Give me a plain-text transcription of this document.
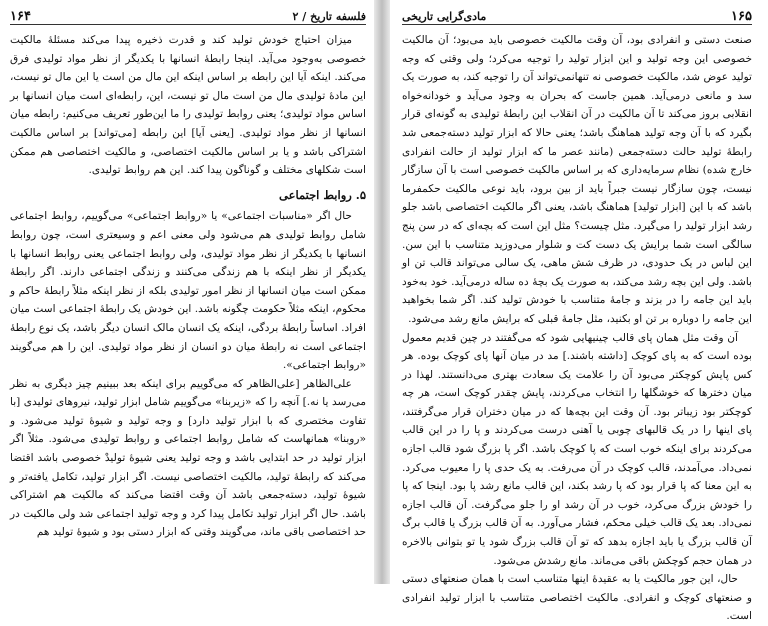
فلسفه تاریخ / ۲
۱۶۴

میزان احتیاج خودش تولید کند و قدرت ذخیره پیدا می‌کند مسئلهٔ مالکیت خصوصی به‌وجود می‌آید. اینجا رابطهٔ انسانها با یکدیگر از نظر مواد تولیدی فرق می‌کند. اینکه آیا این رابطه بر اساس اینکه این مال من است یا این مال تو نیست، این مادهٔ تولیدی مال من است مال تو نیست، این، رابطه‌ای است میان انسانها بر اساس مواد تولیدی؛ یعنی روابط تولیدی را ما این‌طور تعریف می‌کنیم: رابطه میان انسانها از نظر مواد تولیدی. [یعنی آیا] این رابطه [می‌تواند] بر اساس مالکیت اشتراکی باشد و یا بر اساس مالکیت اختصاصی، و مالکیت اختصاصی هم ممکن است شکلهای مختلف و گوناگون پیدا کند. این هم روابط تولیدی.

۵. روابط اجتماعی

حال اگر «مناسبات اجتماعی» یا «روابط اجتماعی» می‌گوییم، روابط اجتماعی شامل روابط تولیدی هم می‌شود ولی معنی اعم و وسیعتری است، چون روابط انسانها با یکدیگر از نظر مواد تولیدی، ولی روابط اجتماعی یعنی روابط انسانها با یکدیگر از نظر اینکه با هم زندگی می‌کنند و زندگی اجتماعی دارند. اگر رابطهٔ ممکن است میان انسانها از نظر امور تولیدی بلکه از نظر اینکه مثلاً رابطهٔ حاکم و محکوم، اینکه مثلاً حکومت چگونه باشد. این خودش یک رابطهٔ اجتماعی است میان افراد. اساساً رابطهٔ بردگی، اینکه یک انسان مالک انسان دیگر باشد، یک نوع رابطهٔ اجتماعی است نه رابطهٔ میان دو انسان از نظر مواد تولیدی. این را هم می‌گویند «روابط اجتماعی».

علی‌الظاهر [علی‌الظاهر که می‌گوییم برای اینکه بعد ببینیم چیز دیگری به نظر می‌رسد یا نه.] آنچه را که «زیربنا» می‌گوییم شامل ابزار تولید، نیروهای تولیدی [با تفاوت مختصری که با ابزار تولید دارد] و وجه تولید و شیوهٔ تولید می‌شود. و «روبنا» همانهاست که شامل روابط اجتماعی و روابط تولیدی می‌شود. مثلاً اگر ابزار تولید در حد ابتدایی باشد و وجه تولید یعنی شیوهٔ تولیدْ خصوصی باشد اقتضا می‌کند که رابطهٔ تولید، مالکیت اختصاصی نیست. اگر ابزار تولید، تکامل یافته‌تر و شیوهٔ تولید، دسته‌جمعی باشد آن وقت اقتضا می‌کند که مالکیت هم اشتراکی باشد. حال اگر ابزار تولید تکامل پیدا کرد و وجه تولید اجتماعی شد ولی مالکیت در حد اختصاصی باقی ماند، می‌گویند وقتی که ابزار دستی بود و شیوهٔ تولید هم

۱۶۵
مادی‌گرایی تاریخی

صنعت دستی و انفرادی بود، آن وقت مالکیت خصوصی باید می‌بود؛ آن مالکیت خصوصی این وجه تولید و این ابزار تولید را توجیه می‌کرد؛ ولی وقتی که وجه تولید عوض شد، مالکیت خصوصی نه تنهانمی‌تواند آن را توجیه کند، به صورت یک سد و مانعی درمی‌آید. همین جاست که بحران به وجود می‌آید و خودانه‌خواه انقلابی بروز می‌کند تا آن مالکیت در آن انقلاب این رابطهٔ تولیدی به گونه‌ای قرار بگیرد که با آن وجه تولید هماهنگ باشد؛ یعنی حالا که ابزار تولید دسته‌جمعی شد رابطهٔ تولید حالت دسته‌جمعی (مانند عصر ما که ابزار تولید از حالت انفرادی خارج شده) نظام سرمایه‌داری که بر اساس مالکیت خصوصی است با آن سازگار نیست، چون سازگار نیست جبراً باید از بین برود، باید نوعی مالکیت حکمفرما باشد که با این [ابزار تولید] هماهنگ باشد، یعنی اگر مالکیت اختصاصی باشد جلو رشد ابزار تولید را می‌گیرد. مثل چیست؟ مثل این است که بچه‌ای که در سن پنج سالگی است شما برایش یک دست کت و شلوار می‌دوزید متناسب با این سن. این لباس در یک حدودی، در ظرف شش ماهی، یک سالی می‌تواند قالب تن او باشد. ولی این بچه رشد می‌کند، به صورت یک بچهٔ ده ساله درمی‌آید. خود به‌خود باید این جامه را در بزند و جامهٔ متناسب با خودش تولید کند. اگر شما بخواهید این جامه را دوباره بر تن او بکنید، مثل جامهٔ قبلی که برایش مانع رشد می‌شود.

آن وقت مثل همان پای قالب چینیهایی شود که می‌گفتند در چین قدیم معمول بوده است که به پای کوچک [داشته باشند.] مد در میان آنها پای کوچک بوده. هر کس پایش کوچکتر می‌بود آن را علامت یک سعادت بهتری می‌دانستند. لهذا در میان دخترها که خوشگلها را انتخاب می‌کردند، پایش چقدر کوچک است، هر چه کوچکتر بود زیباتر بود. آن وقت این بچه‌ها که در میان دختران قرار می‌گرفتند، پای اینها را در یک قالبهای چوبی یا آهنی درست می‌کردند و پا را در این قالب می‌کردند برای اینکه خوب است که پا کوچک باشد. اگر پا بزرگ شود قالب اجازه نمی‌داد. می‌آمدند، قالب کوچک در آن می‌رفت. به یک حدی پا را معیوب می‌کرد. به این معنا که پا قرار بود که پا رشد بکند، این قالب مانع رشد پا بود. اینجا که پا را خودش بزرگ می‌کرد، خوب در آن رشد او را جلو می‌گرفت. آن قالب اجازه نمی‌داد. بعد یک قالب خیلی محکم، فشار می‌آورد. به آن قالب بزرگ یا قالب برگ آن قالب بزرگ یا باید اجازه بدهد که تو آن قالب بزرگ شود یا تو بتوانی بالاخره در همان حجم کوچکش باقی می‌ماند. مانع رشدش می‌شود.

حال، این جور مالکیت یا به عقیدهٔ اینها متناسب است با همان صنعتهای دستی و صنعتهای کوچک و انفرادی. مالکیت اختصاصی متناسب با ابزار تولید انفرادی است.
